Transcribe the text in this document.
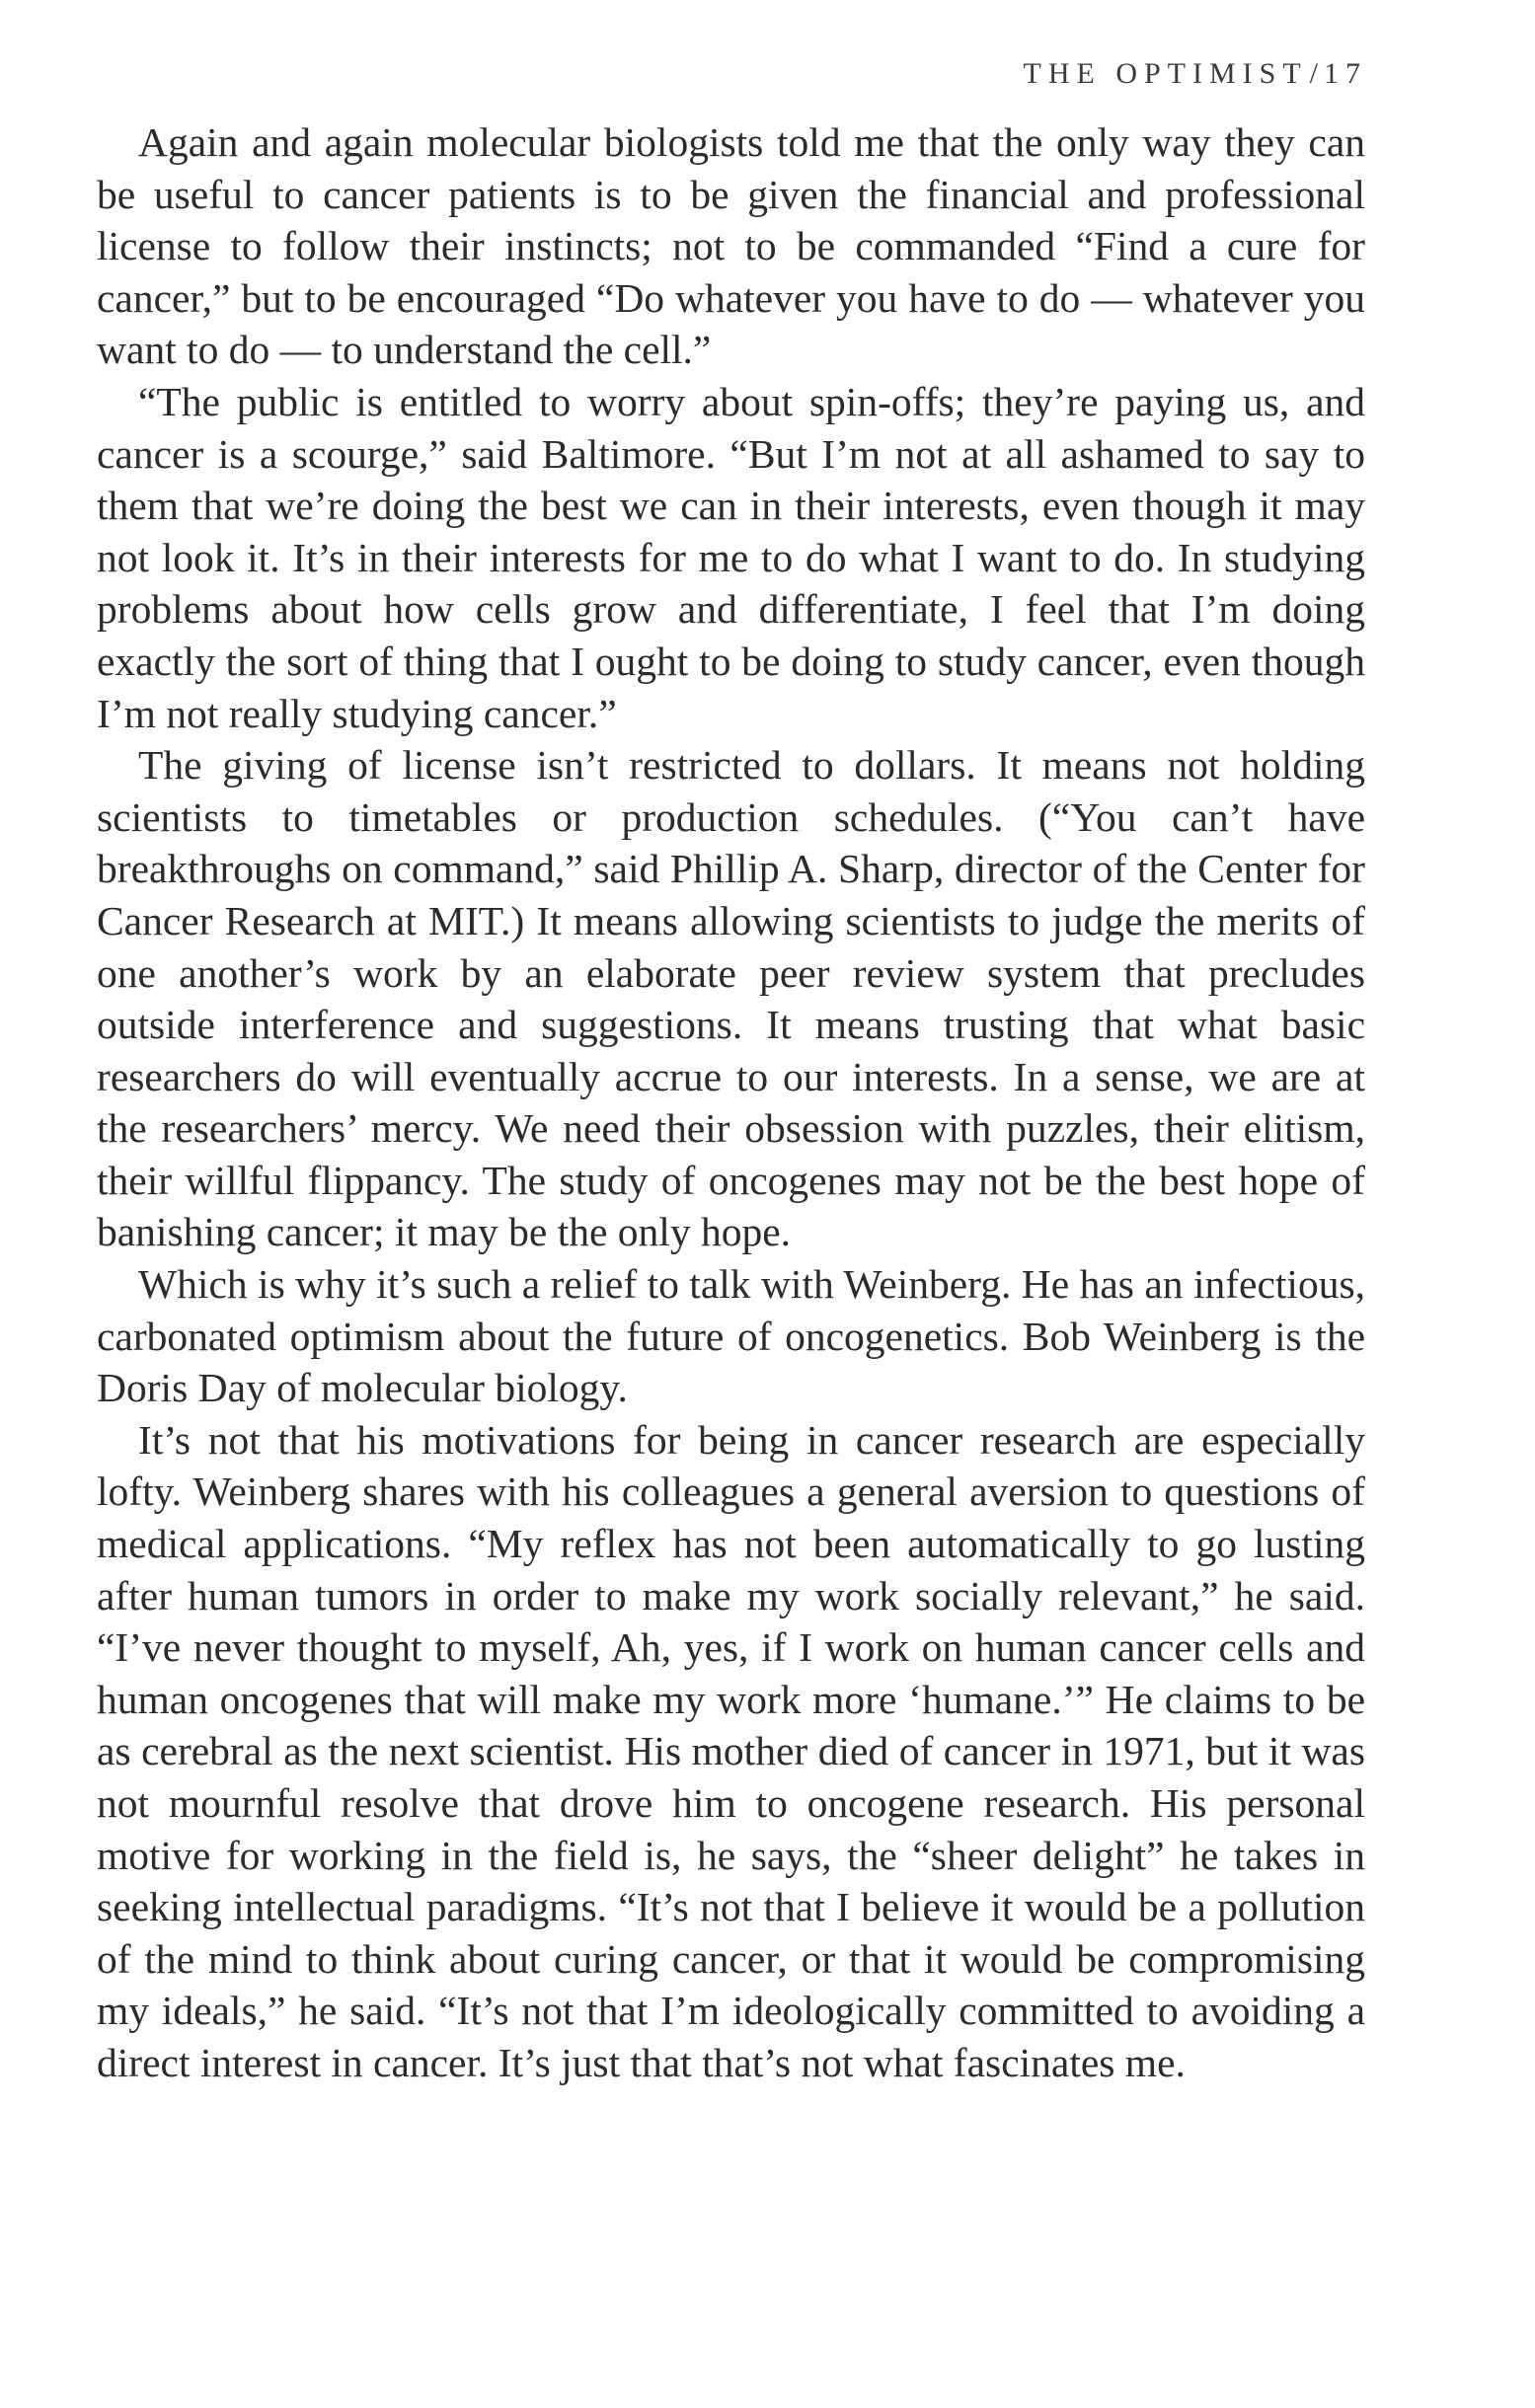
THE OPTIMIST/ 17

Again and again molecular biologists told me that the only way they can be useful to cancer patients is to be given the financial and professional license to follow their instincts; not to be commanded “Find a cure for cancer,” but to be encouraged “Do whatever you have to do — whatever you want to do — to understand the cell.”

“The public is entitled to worry about spin-offs; they’re paying us, and cancer is a scourge,” said Baltimore. “But I’m not at all ashamed to say to them that we’re doing the best we can in their interests, even though it may not look it. It’s in their interests for me to do what I want to do. In studying problems about how cells grow and differentiate, I feel that I’m doing exactly the sort of thing that I ought to be doing to study cancer, even though I’m not really studying cancer.”

The giving of license isn’t restricted to dollars. It means not holding scientists to timetables or production schedules. (“You can’t have breakthroughs on command,” said Phillip A. Sharp, director of the Center for Cancer Research at MIT.) It means allowing scientists to judge the merits of one another’s work by an elaborate peer review system that precludes outside interference and suggestions. It means trusting that what basic researchers do will eventually accrue to our interests. In a sense, we are at the researchers’ mercy. We need their obsession with puzzles, their elitism, their willful flippancy. The study of oncogenes may not be the best hope of banishing cancer; it may be the only hope.

Which is why it’s such a relief to talk with Weinberg. He has an infectious, carbonated optimism about the future of oncogenetics. Bob Weinberg is the Doris Day of molecular biology.

It’s not that his motivations for being in cancer research are especially lofty. Weinberg shares with his colleagues a general aversion to questions of medical applications. “My reflex has not been automatically to go lusting after human tumors in order to make my work socially relevant,” he said. “I’ve never thought to myself, Ah, yes, if I work on human cancer cells and human oncogenes that will make my work more ‘humane.’” He claims to be as cerebral as the next scientist. His mother died of cancer in 1971, but it was not mournful resolve that drove him to oncogene research. His personal motive for working in the field is, he says, the “sheer delight” he takes in seeking intellectual paradigms. “It’s not that I believe it would be a pollution of the mind to think about curing cancer, or that it would be compromising my ideals,” he said. “It’s not that I’m ideologically committed to avoiding a direct interest in cancer. It’s just that that’s not what fascinates me.
